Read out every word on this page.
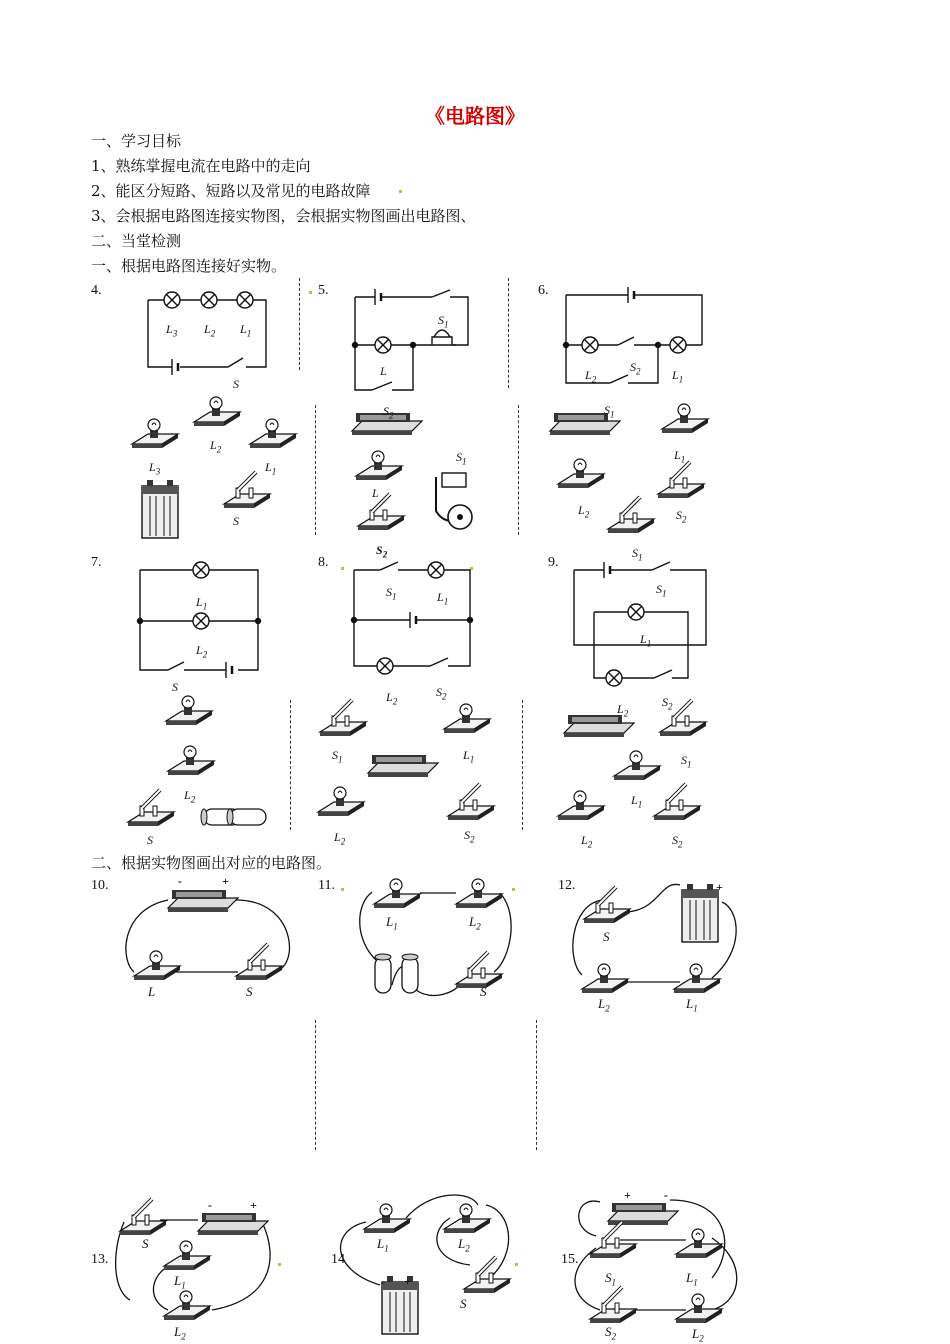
《电路图》
一、学习目标
1、熟练掌握电流在电路中的走向
2、能区分短路、短路以及常见的电路故障
3、会根据电路图连接实物图，会根据实物图画出电路图、
二、当堂检测
一、根据电路图连接好实物。
二、根据实物图画出对应的电路图。
4.	5.	6.
7.	8.	9.
10.	11.	12.
13.	14	15.
$L_3$ $L_2$ $L_1$
S
$S_1$
L	$S_2$
$L_2$	$L_1$
$L_1$
$L_2$
S
$S_2$
$S_1$	$L_1$
$L_2$
$S_2$
$S_1$
$S_1$
$L_1$
$L_2$
$L_3$	$L_1$
S
$S_2$
$S_1$
L
$S_1$
$L_1$
$L_2$	$S_2$
$L_2$
S
$S_1$	$L_1$
$L_2$	$S_2$
$L_2$
$S_2$
$S_1$
$L_1$
$L_2$	$S_2$
-	+
L	S
$L_1$	$L_2$
S
S
+
$L_2$	$L_1$
S
-	+
$L_1$
$L_2$
$L_1$	$L_2$
S
- +
+	-
$S_1$	$L_1$
$S_2$	$L_2$
